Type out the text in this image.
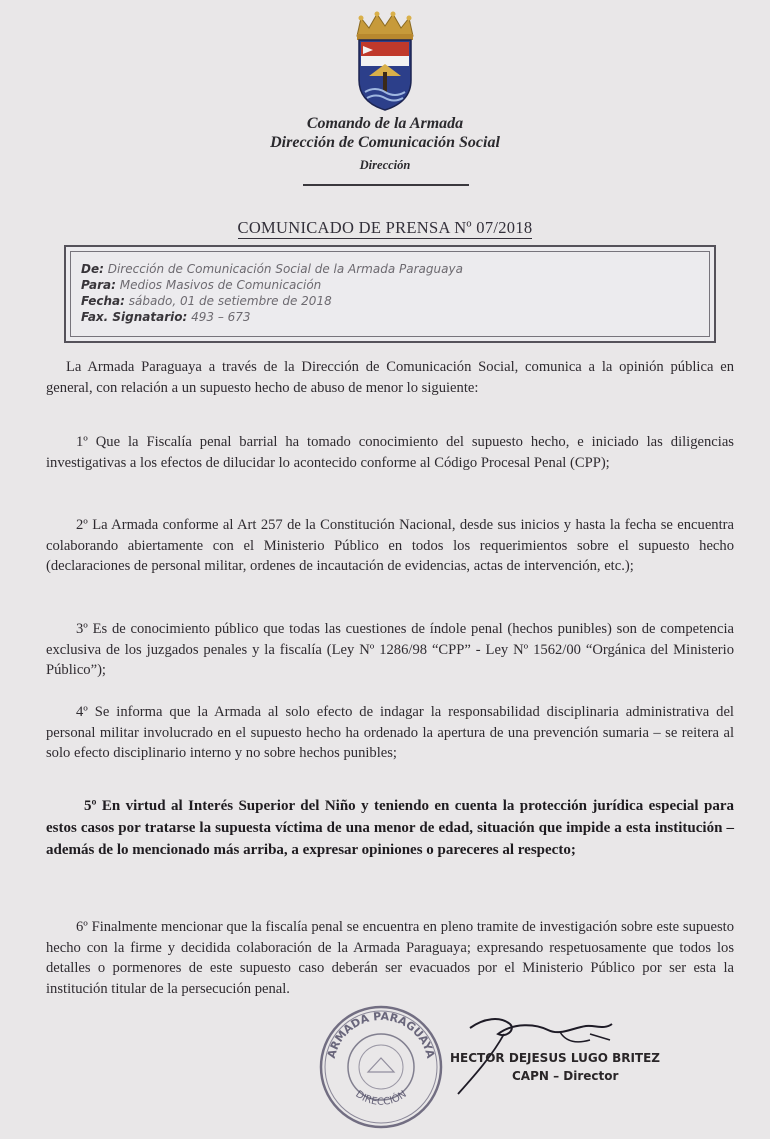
Comando de la Armada
Dirección de Comunicación Social
Dirección
COMUNICADO DE PRENSA Nº 07/2018
De: Dirección de Comunicación Social de la Armada Paraguaya
Para: Medios Masivos de Comunicación
Fecha: sábado, 01 de setiembre de 2018
Fax. Signatario: 493 – 673
La Armada Paraguaya a través de la Dirección de Comunicación Social, comunica a la opinión pública en general, con relación a un supuesto hecho de abuso de menor lo siguiente:
1º Que la Fiscalía penal barrial ha tomado conocimiento del supuesto hecho, e iniciado las diligencias investigativas a los efectos de dilucidar lo acontecido conforme al Código Procesal Penal (CPP);
2º La Armada conforme al Art 257 de la Constitución Nacional, desde sus inicios y hasta la fecha se encuentra colaborando abiertamente con el Ministerio Público en todos los requerimientos sobre el supuesto hecho (declaraciones de personal militar, ordenes de incautación de evidencias, actas de intervención, etc.);
3º Es de conocimiento público que todas las cuestiones de índole penal (hechos punibles) son de competencia exclusiva de los juzgados penales y la fiscalía (Ley Nº 1286/98 “CPP” - Ley Nº 1562/00 “Orgánica del Ministerio Público”);
4º Se informa que la Armada al solo efecto de indagar la responsabilidad disciplinaria administrativa del personal militar involucrado en el supuesto hecho ha ordenado la apertura de una prevención sumaria – se reitera al solo efecto disciplinario interno y no sobre hechos punibles;
5º En virtud al Interés Superior del Niño y teniendo en cuenta la protección jurídica especial para estos casos por tratarse la supuesta víctima de una menor de edad, situación que impide a esta institución – además de lo mencionado más arriba, a expresar opiniones o pareceres al respecto;
6º Finalmente mencionar que la fiscalía penal se encuentra en pleno tramite de investigación sobre este supuesto hecho con la firme y decidida colaboración de la Armada Paraguaya; expresando respetuosamente que todos los detalles o pormenores de este supuesto caso deberán ser evacuados por el Ministerio Público por ser esta la institución titular de la persecución penal.
ARMADA PARAGUAYA
DIRECCIÓN
HECTOR DEJESUS LUGO BRITEZ
CAPN – Director
